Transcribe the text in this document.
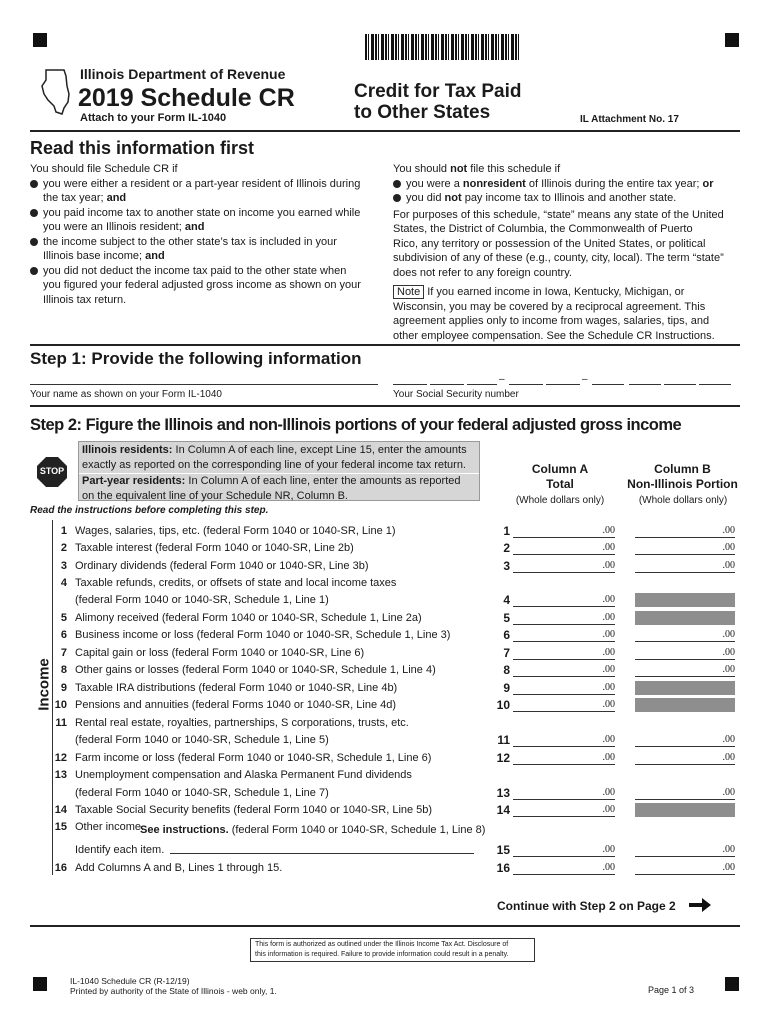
Illinois Department of Revenue
2019 Schedule CR
Attach to your Form IL-1040
Credit for Tax Paid
to Other States	IL Attachment No. 17
Read this information first
You should file Schedule CR if
you were either a resident or a part-year resident of Illinois during
the tax year; and
you paid income tax to another state on income you earned while
you were an Illinois resident; and
the income subject to the other state’s tax is included in your
Illinois base income; and
you did not deduct the income tax paid to the other state when
you figured your federal adjusted gross income as shown on your
Illinois tax return.
You should not file this schedule if
you were a nonresident of Illinois during the entire tax year; or
you did not pay income tax to Illinois and another state.
For purposes of this schedule, “state” means any state of the United
States, the District of Columbia, the Commonwealth of Puerto
Rico, any territory or possession of the United States, or political
subdivision of any of these (e.g., county, city, local). The term “state”
does not refer to any foreign country.
Note If you earned income in Iowa, Kentucky, Michigan, or
Wisconsin, you may be covered by a reciprocal agreement. This
agreement applies only to income from wages, salaries, tips, and
other employee compensation. See the Schedule CR Instructions.
Step 1: Provide the following information
Your name as shown on your Form IL-1040
–	–
Your Social Security number
Step 2: Figure the Illinois and non-Illinois portions of your federal adjusted gross income
STOP
Illinois residents: In Column A of each line, except Line 15, enter the amounts
exactly as reported on the corresponding line of your federal income tax return.
Part-year residents: In Column A of each line, enter the amounts as reported
on the equivalent line of your Schedule NR, Column B.
Read the instructions before completing this step.
Column A
Total
(Whole dollars only)
Column B
Non-Illinois Portion
(Whole dollars only)
Income
1 Wages, salaries, tips, etc. (federal Form 1040 or 1040-SR, Line 1)	1	.00	.00
2 Taxable interest (federal Form 1040 or 1040-SR, Line 2b)	2	.00	.00
3 Ordinary dividends (federal Form 1040 or 1040-SR, Line 3b)	3	.00	.00
4 Taxable refunds, credits, or offsets of state and local income taxes
(federal Form 1040 or 1040-SR, Schedule 1, Line 1)	4	.00
5 Alimony received (federal Form 1040 or 1040-SR, Schedule 1, Line 2a)	5	.00
6 Business income or loss (federal Form 1040 or 1040-SR, Schedule 1, Line 3)	6	.00	.00
7 Capital gain or loss (federal Form 1040 or 1040-SR, Line 6)	7	.00	.00
8 Other gains or losses (federal Form 1040 or 1040-SR, Schedule 1, Line 4)	8	.00	.00
9 Taxable IRA distributions (federal Form 1040 or 1040-SR, Line 4b)	9	.00
10 Pensions and annuities (federal Forms 1040 or 1040-SR, Line 4d)	10	.00
11 Rental real estate, royalties, partnerships, S corporations, trusts, etc.
(federal Form 1040 or 1040-SR, Schedule 1, Line 5)	11	.00	.00
12 Farm income or loss (federal Form 1040 or 1040-SR, Schedule 1, Line 6)	12	.00	.00
13 Unemployment compensation and Alaska Permanent Fund dividends
(federal Form 1040 or 1040-SR, Schedule 1, Line 7)	13	.00	.00
14 Taxable Social Security benefits (federal Form 1040 or 1040-SR, Line 5b)	14	.00
15 Other income.
See instructions. (federal Form 1040 or 1040-SR, Schedule 1, Line 8)
Identify each item.	15	.00	.00
16 Add Columns A and B, Lines 1 through 15.	16	.00	.00
Continue with Step 2 on Page 2
This form is authorized as outlined under the Illinois Income Tax Act. Disclosure of
this information is required. Failure to provide information could result in a penalty.
IL-1040 Schedule CR (R-12/19)
Printed by authority of the State of Illinois - web only, 1.	Page 1 of 3
